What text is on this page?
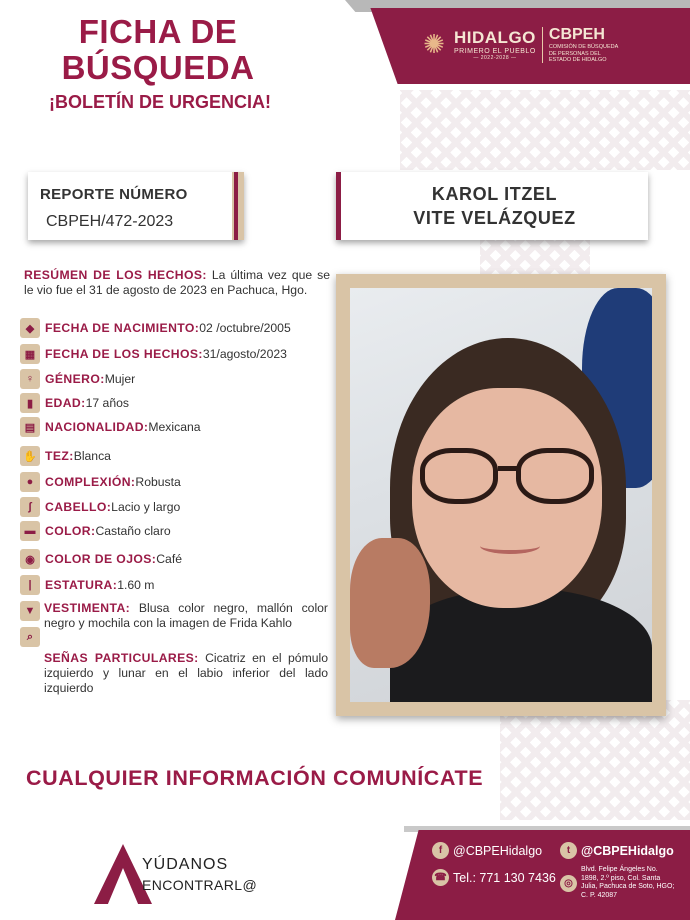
✺ HIDALGO
PRIMERO EL PUEBLO
— 2022-2028 —
CBPEH
COMISIÓN DE BÚSQUEDA DE PERSONAS DEL ESTADO DE HIDALGO
FICHA DE
BÚSQUEDA
¡BOLETÍN DE URGENCIA!
REPORTE NÚMERO
CBPEH/472-2023
KAROL ITZEL
VITE VELÁZQUEZ
RESÚMEN DE LOS HECHOS: La última vez que se le vio fue el 31 de agosto de 2023 en Pachuca, Hgo.
◆ FECHA DE NACIMIENTO: 02 /octubre/2005
▦ FECHA DE LOS HECHOS: 31/agosto/2023
♀ GÉNERO: Mujer
▮ EDAD: 17 años
▤ NACIONALIDAD: Mexicana
✋ TEZ: Blanca
● COMPLEXIÓN: Robusta
ʃ	CABELLO: Lacio y largo
▬ COLOR: Castaño claro
◉ COLOR DE OJOS: Café
|	ESTATURA: 1.60 m
▼
⌕
VESTIMENTA: Blusa color negro, mallón color negro y mochila con la imagen de Frida Kahlo
SEÑAS PARTICULARES: Cicatriz en el pómulo izquierdo y lunar en el labio inferior del lado izquierdo
CUALQUIER INFORMACIÓN COMUNÍCATE
YÚDANOS
ENCONTRARL@
f @CBPEHidalgo	t @CBPEHidalgo
☎ Tel.: 771 130 7436 ◎
Blvd. Felipe Ángeles No. 1898, 2.º piso, Col. Santa Julia, Pachuca de Soto, HGO; C. P. 42087
